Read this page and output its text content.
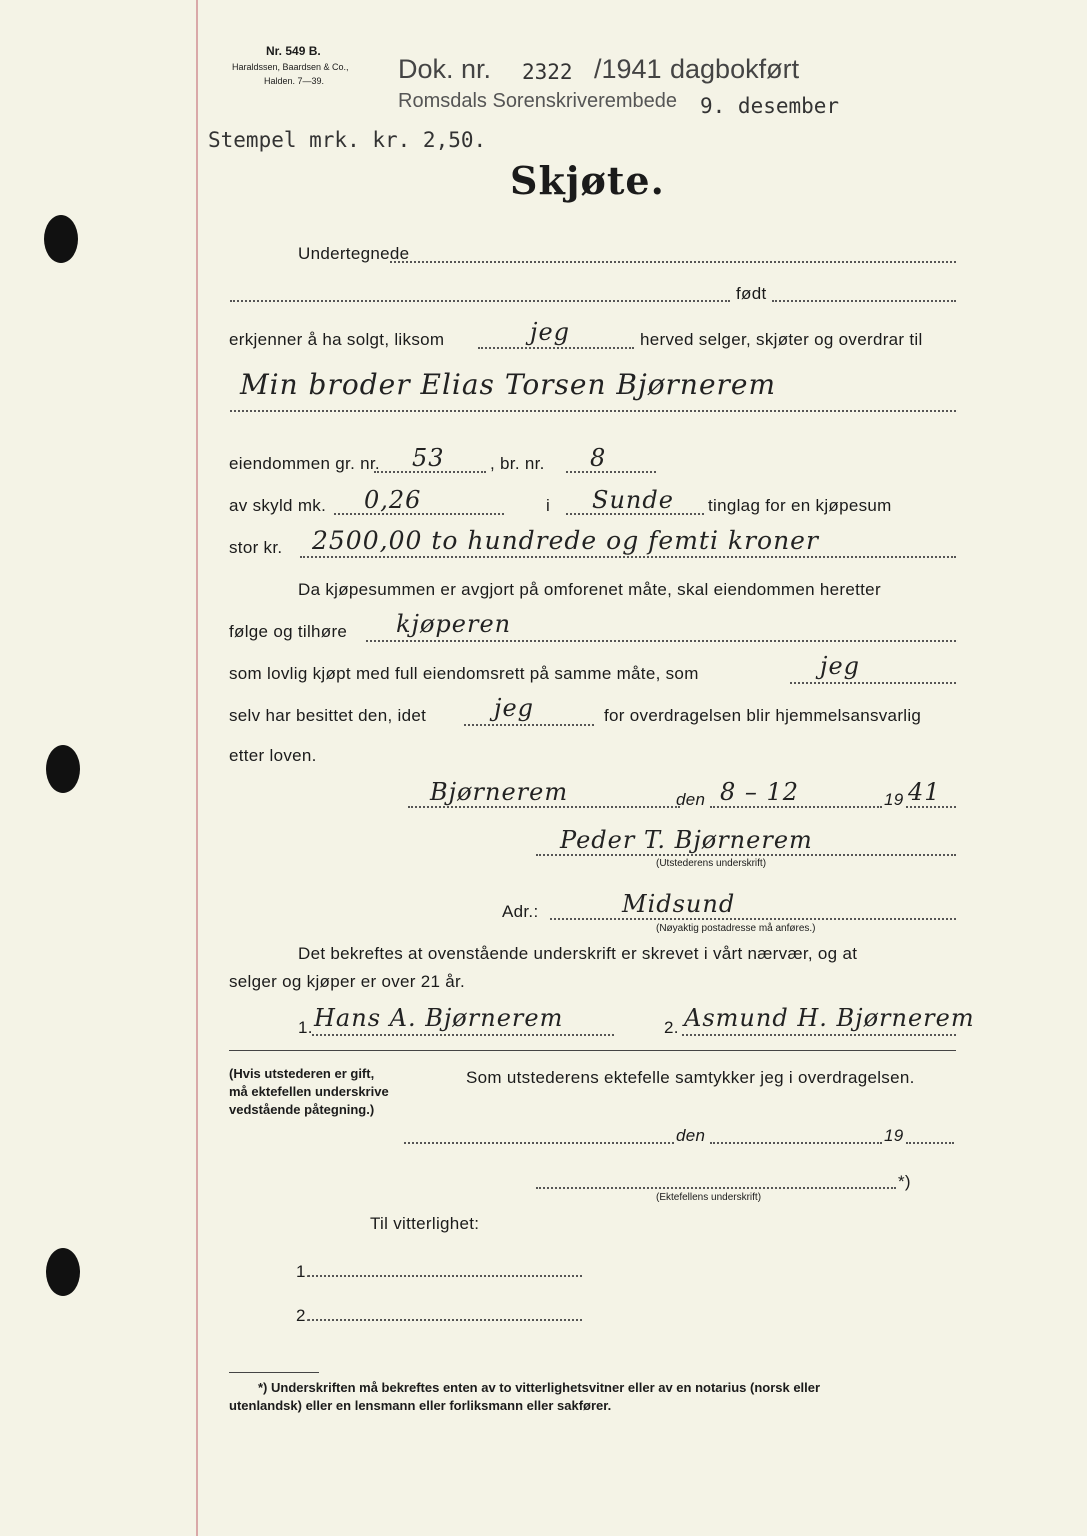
Nr. 549 B.
Haraldssen, Baardsen & Co.,
Halden. 7—39.	Dok. nr. 2322 /1941 dagbokført
Romsdals Sorenskriverembede 9. desember
Stempel mrk. kr. 2,50.
Skjøte.
Undertegnede
født
erkjenner å ha solgt, liksom	jeg	herved selger, skjøter og overdrar til
Min broder Elias Torsen Bjørnerem
eiendommen gr. nr. 53	, br. nr. 8
av skyld mk. 0,26	i Sunde tinglag for en kjøpesum
stor kr. 2500,00 to hundrede og femti kroner
Da kjøpesummen er avgjort på omforenet måte, skal eiendommen heretter
følge og tilhøre kjøperen
som lovlig kjøpt med full eiendomsrett på samme måte, som	jeg
selv har besittet den, idet	jeg	for overdragelsen blir hjemmelsansvarlig
etter loven.
Bjørnerem	den 8 – 12	19 41
Peder T. Bjørnerem
(Utstederens underskrift)
Adr.:	Midsund
(Nøyaktig postadresse må anføres.)
Det bekreftes at ovenstående underskrift er skrevet i vårt nærvær, og at
selger og kjøper er over 21 år.
1. Hans A. Bjørnerem	2. Asmund H. Bjørnerem
(Hvis utstederen er gift,
må ektefellen underskrive
vedstående påtegning.)
Som utstederens ektefelle samtykker jeg i overdragelsen.
den	19
*)
(Ektefellens underskrift)
Til vitterlighet:
1.
2.
*) Underskriften må bekreftes enten av to vitterlighetsvitner eller av en notarius (norsk eller
utenlandsk) eller en lensmann eller forliksmann eller sakfører.
